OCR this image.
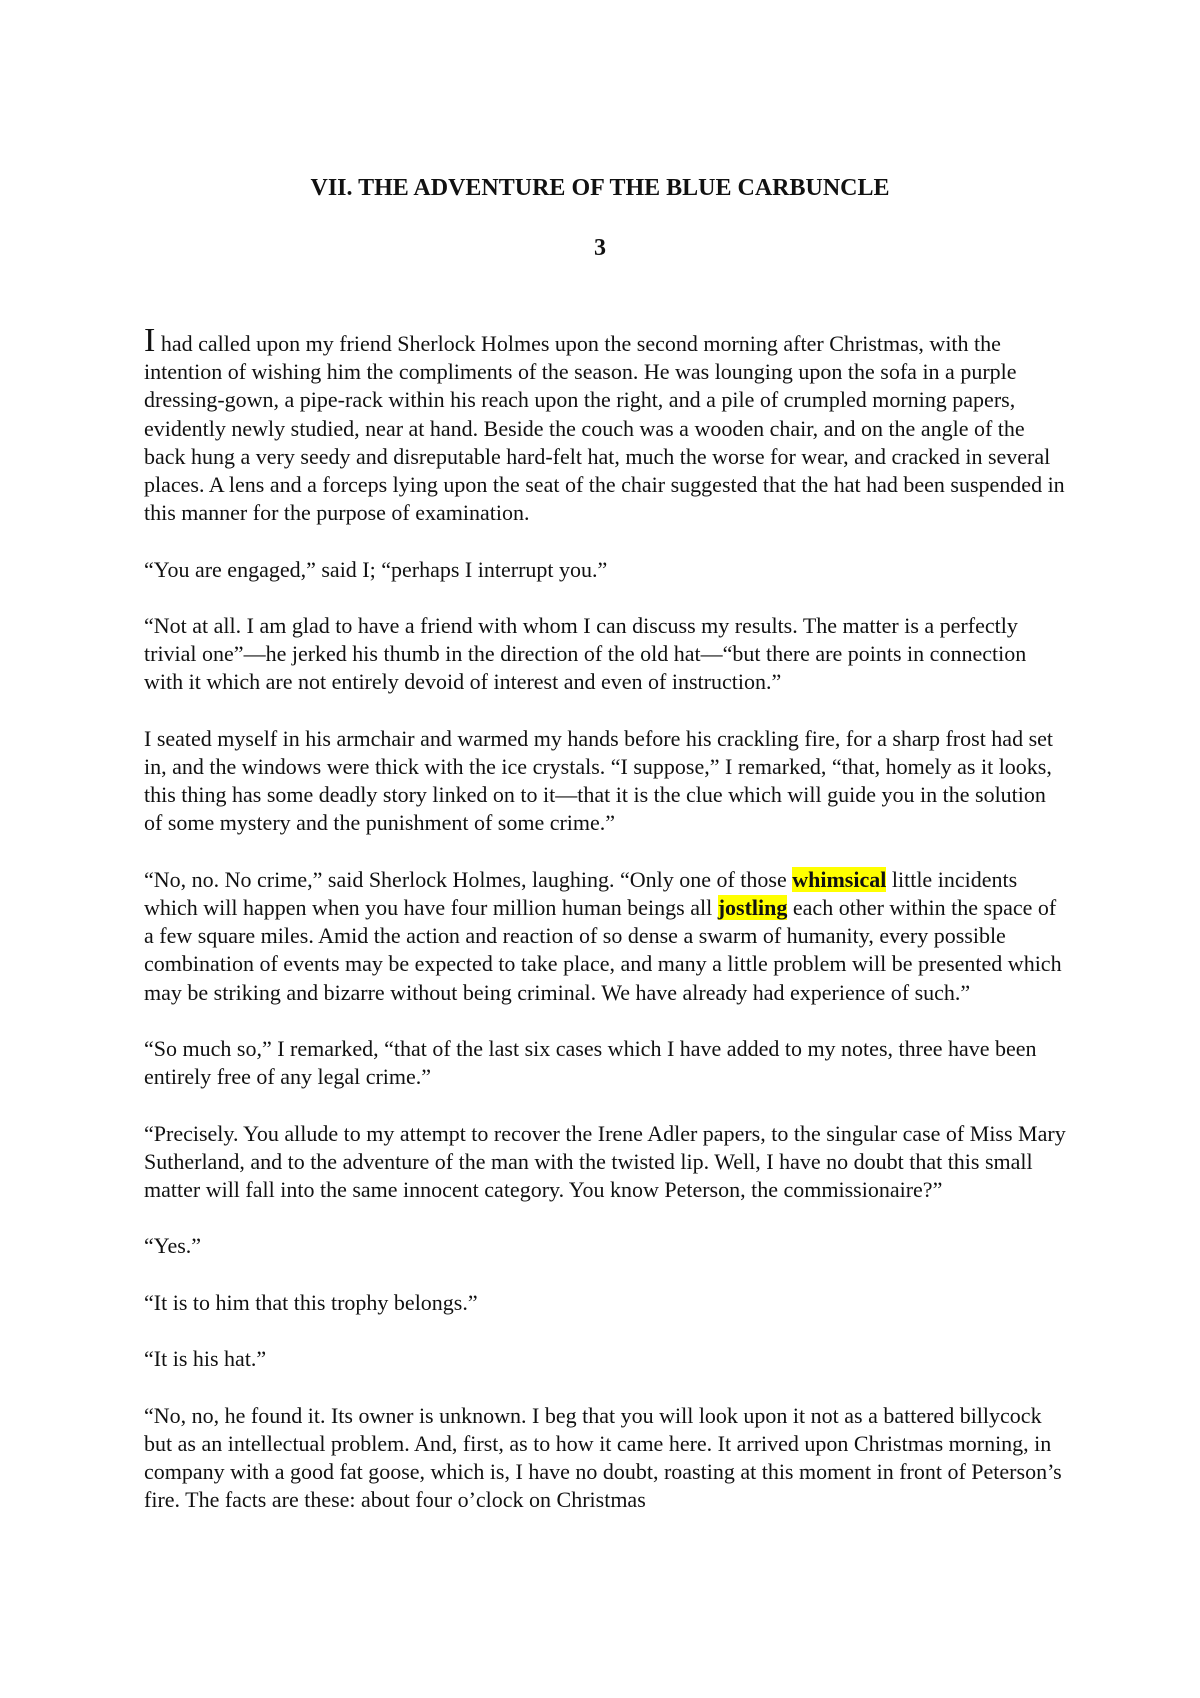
VII. THE ADVENTURE OF THE BLUE CARBUNCLE
3

I had called upon my friend Sherlock Holmes upon the second morning after Christmas, with the intention of wishing him the compliments of the season. He was lounging upon the sofa in a purple dressing-gown, a pipe-rack within his reach upon the right, and a pile of crumpled morning papers, evidently newly studied, near at hand. Beside the couch was a wooden chair, and on the angle of the back hung a very seedy and disreputable hard-felt hat, much the worse for wear, and cracked in several places. A lens and a forceps lying upon the seat of the chair suggested that the hat had been suspended in this manner for the purpose of examination.

“You are engaged,” said I; “perhaps I interrupt you.”

“Not at all. I am glad to have a friend with whom I can discuss my results. The matter is a perfectly trivial one”—he jerked his thumb in the direction of the old hat—“but there are points in connection with it which are not entirely devoid of interest and even of instruction.”

I seated myself in his armchair and warmed my hands before his crackling fire, for a sharp frost had set in, and the windows were thick with the ice crystals. “I suppose,” I remarked, “that, homely as it looks, this thing has some deadly story linked on to it—that it is the clue which will guide you in the solution of some mystery and the punishment of some crime.”

“No, no. No crime,” said Sherlock Holmes, laughing. “Only one of those whimsical little incidents which will happen when you have four million human beings all jostling each other within the space of a few square miles. Amid the action and reaction of so dense a swarm of humanity, every possible combination of events may be expected to take place, and many a little problem will be presented which may be striking and bizarre without being criminal. We have already had experience of such.”

“So much so,” I remarked, “that of the last six cases which I have added to my notes, three have been entirely free of any legal crime.”

“Precisely. You allude to my attempt to recover the Irene Adler papers, to the singular case of Miss Mary Sutherland, and to the adventure of the man with the twisted lip. Well, I have no doubt that this small matter will fall into the same innocent category. You know Peterson, the commissionaire?”

“Yes.”

“It is to him that this trophy belongs.”

“It is his hat.”

“No, no, he found it. Its owner is unknown. I beg that you will look upon it not as a battered billycock but as an intellectual problem. And, first, as to how it came here. It arrived upon Christmas morning, in company with a good fat goose, which is, I have no doubt, roasting at this moment in front of Peterson’s fire. The facts are these: about four o’clock on Christmas
